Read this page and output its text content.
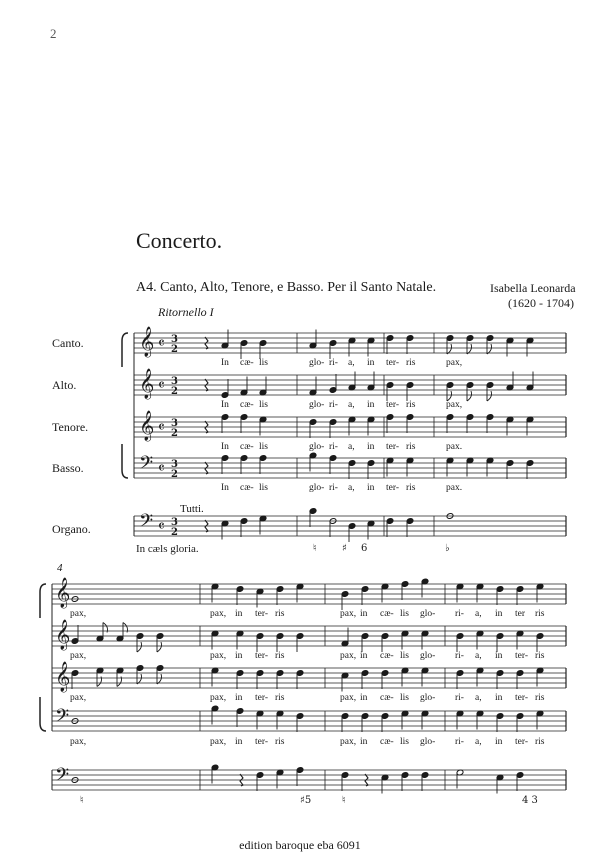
2
Concerto.
A4. Canto, Alto, Tenore, e Basso. Per il Santo Natale.	Isabella Leonarda
(1620 - 1704)
Ritornello I
Canto.
Alto.
Tenore.
Basso.
Organo.
Tutti.
In cæls gloria.
edition baroque eba 6091
𝄞 𝄴 3
2
𝄞 𝄴 3
2
𝄞 𝄴 3
2
𝄢 𝄴 3
2
𝄢 𝄴 3
2
In cæ- lis	glo- ri- a, in ter- ris	pax,
In cæ- lis	glo- ri- a, in ter- ris	pax,
In cæ- lis	glo- ri- a, in ter- ris	pax.
In cæ- lis	glo- ri- a, in ter- ris	pax.
♮	♯ 6	♭
4
𝄞
𝄞
𝄞
𝄢
𝄢
pax,	pax, in ter- ris	pax, in cæ- lis glo- ri- a, in ter ris
pax,	pax, in ter- ris	pax, in cæ- lis glo- ri- a, in ter- ris
pax,	pax, in ter- ris	pax, in cæ- lis glo- ri- a, in ter- ris
pax,	pax, in ter- ris	pax, in cæ- lis glo- ri- a, in ter- ris
♮	♯5	♮	4 3
